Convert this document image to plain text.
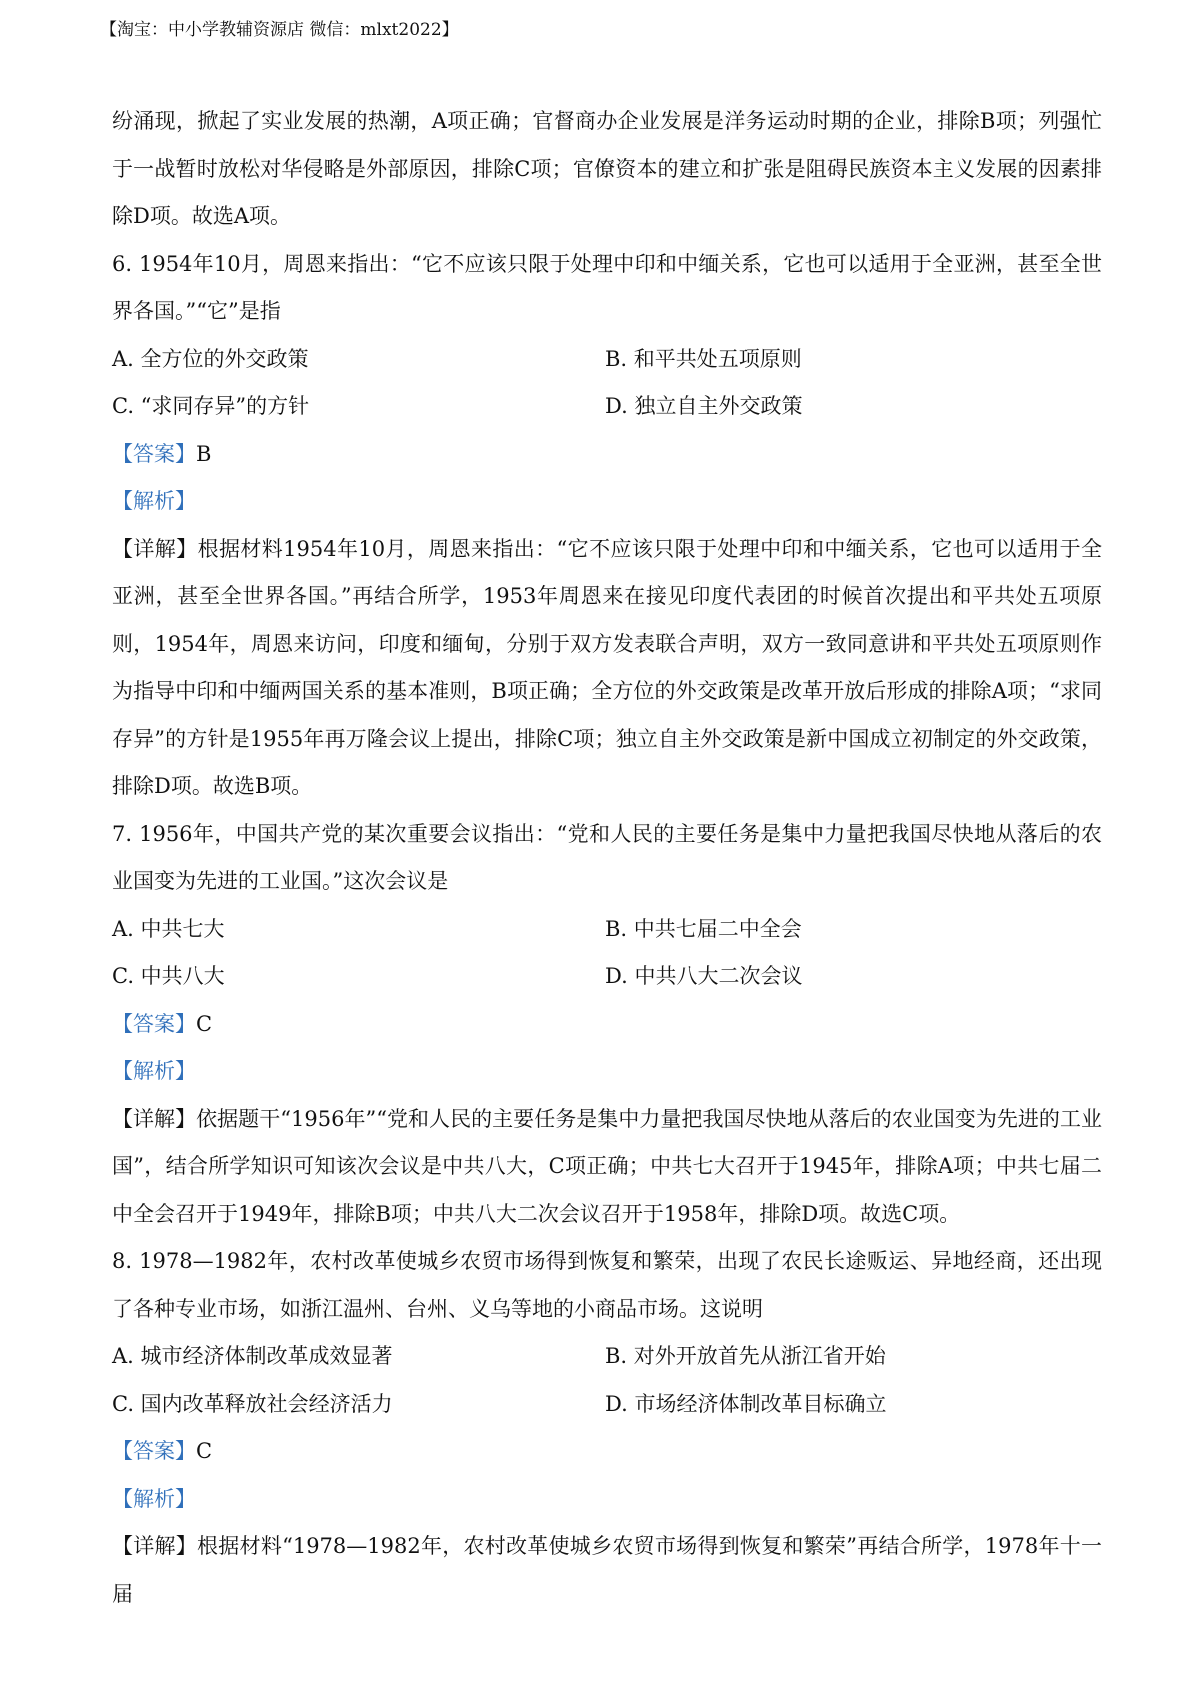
【淘宝：中小学教辅资源店 微信：mlxt2022】

纷涌现，掀起了实业发展的热潮，A项正确；官督商办企业发展是洋务运动时期的企业，排除B项；列强忙于一战暂时放松对华侵略是外部原因，排除C项；官僚资本的建立和扩张是阻碍民族资本主义发展的因素排除D项。故选A项。

6. 1954年10月，周恩来指出：“它不应该只限于处理中印和中缅关系，它也可以适用于全亚洲，甚至全世界各国。”“它”是指

A. 全方位的外交政策	B. 和平共处五项原则
C. “求同存异”的方针	D. 独立自主外交政策

【答案】B

【解析】

【详解】根据材料1954年10月，周恩来指出：“它不应该只限于处理中印和中缅关系，它也可以适用于全亚洲，甚至全世界各国。”再结合所学，1953年周恩来在接见印度代表团的时候首次提出和平共处五项原则，1954年，周恩来访问，印度和缅甸，分别于双方发表联合声明，双方一致同意讲和平共处五项原则作为指导中印和中缅两国关系的基本准则，B项正确；全方位的外交政策是改革开放后形成的排除A项；“求同存异”的方针是1955年再万隆会议上提出，排除C项；独立自主外交政策是新中国成立初制定的外交政策，排除D项。故选B项。

7. 1956年，中国共产党的某次重要会议指出：“党和人民的主要任务是集中力量把我国尽快地从落后的农业国变为先进的工业国。”这次会议是

A. 中共七大	B. 中共七届二中全会
C. 中共八大	D. 中共八大二次会议

【答案】C

【解析】

【详解】依据题干“1956年”“党和人民的主要任务是集中力量把我国尽快地从落后的农业国变为先进的工业国”，结合所学知识可知该次会议是中共八大，C项正确；中共七大召开于1945年，排除A项；中共七届二中全会召开于1949年，排除B项；中共八大二次会议召开于1958年，排除D项。故选C项。

8. 1978—1982年，农村改革使城乡农贸市场得到恢复和繁荣，出现了农民长途贩运、异地经商，还出现了各种专业市场，如浙江温州、台州、义乌等地的小商品市场。这说明

A. 城市经济体制改革成效显著	B. 对外开放首先从浙江省开始
C. 国内改革释放社会经济活力	D. 市场经济体制改革目标确立

【答案】C

【解析】

【详解】根据材料“1978—1982年，农村改革使城乡农贸市场得到恢复和繁荣”再结合所学，1978年十一届
